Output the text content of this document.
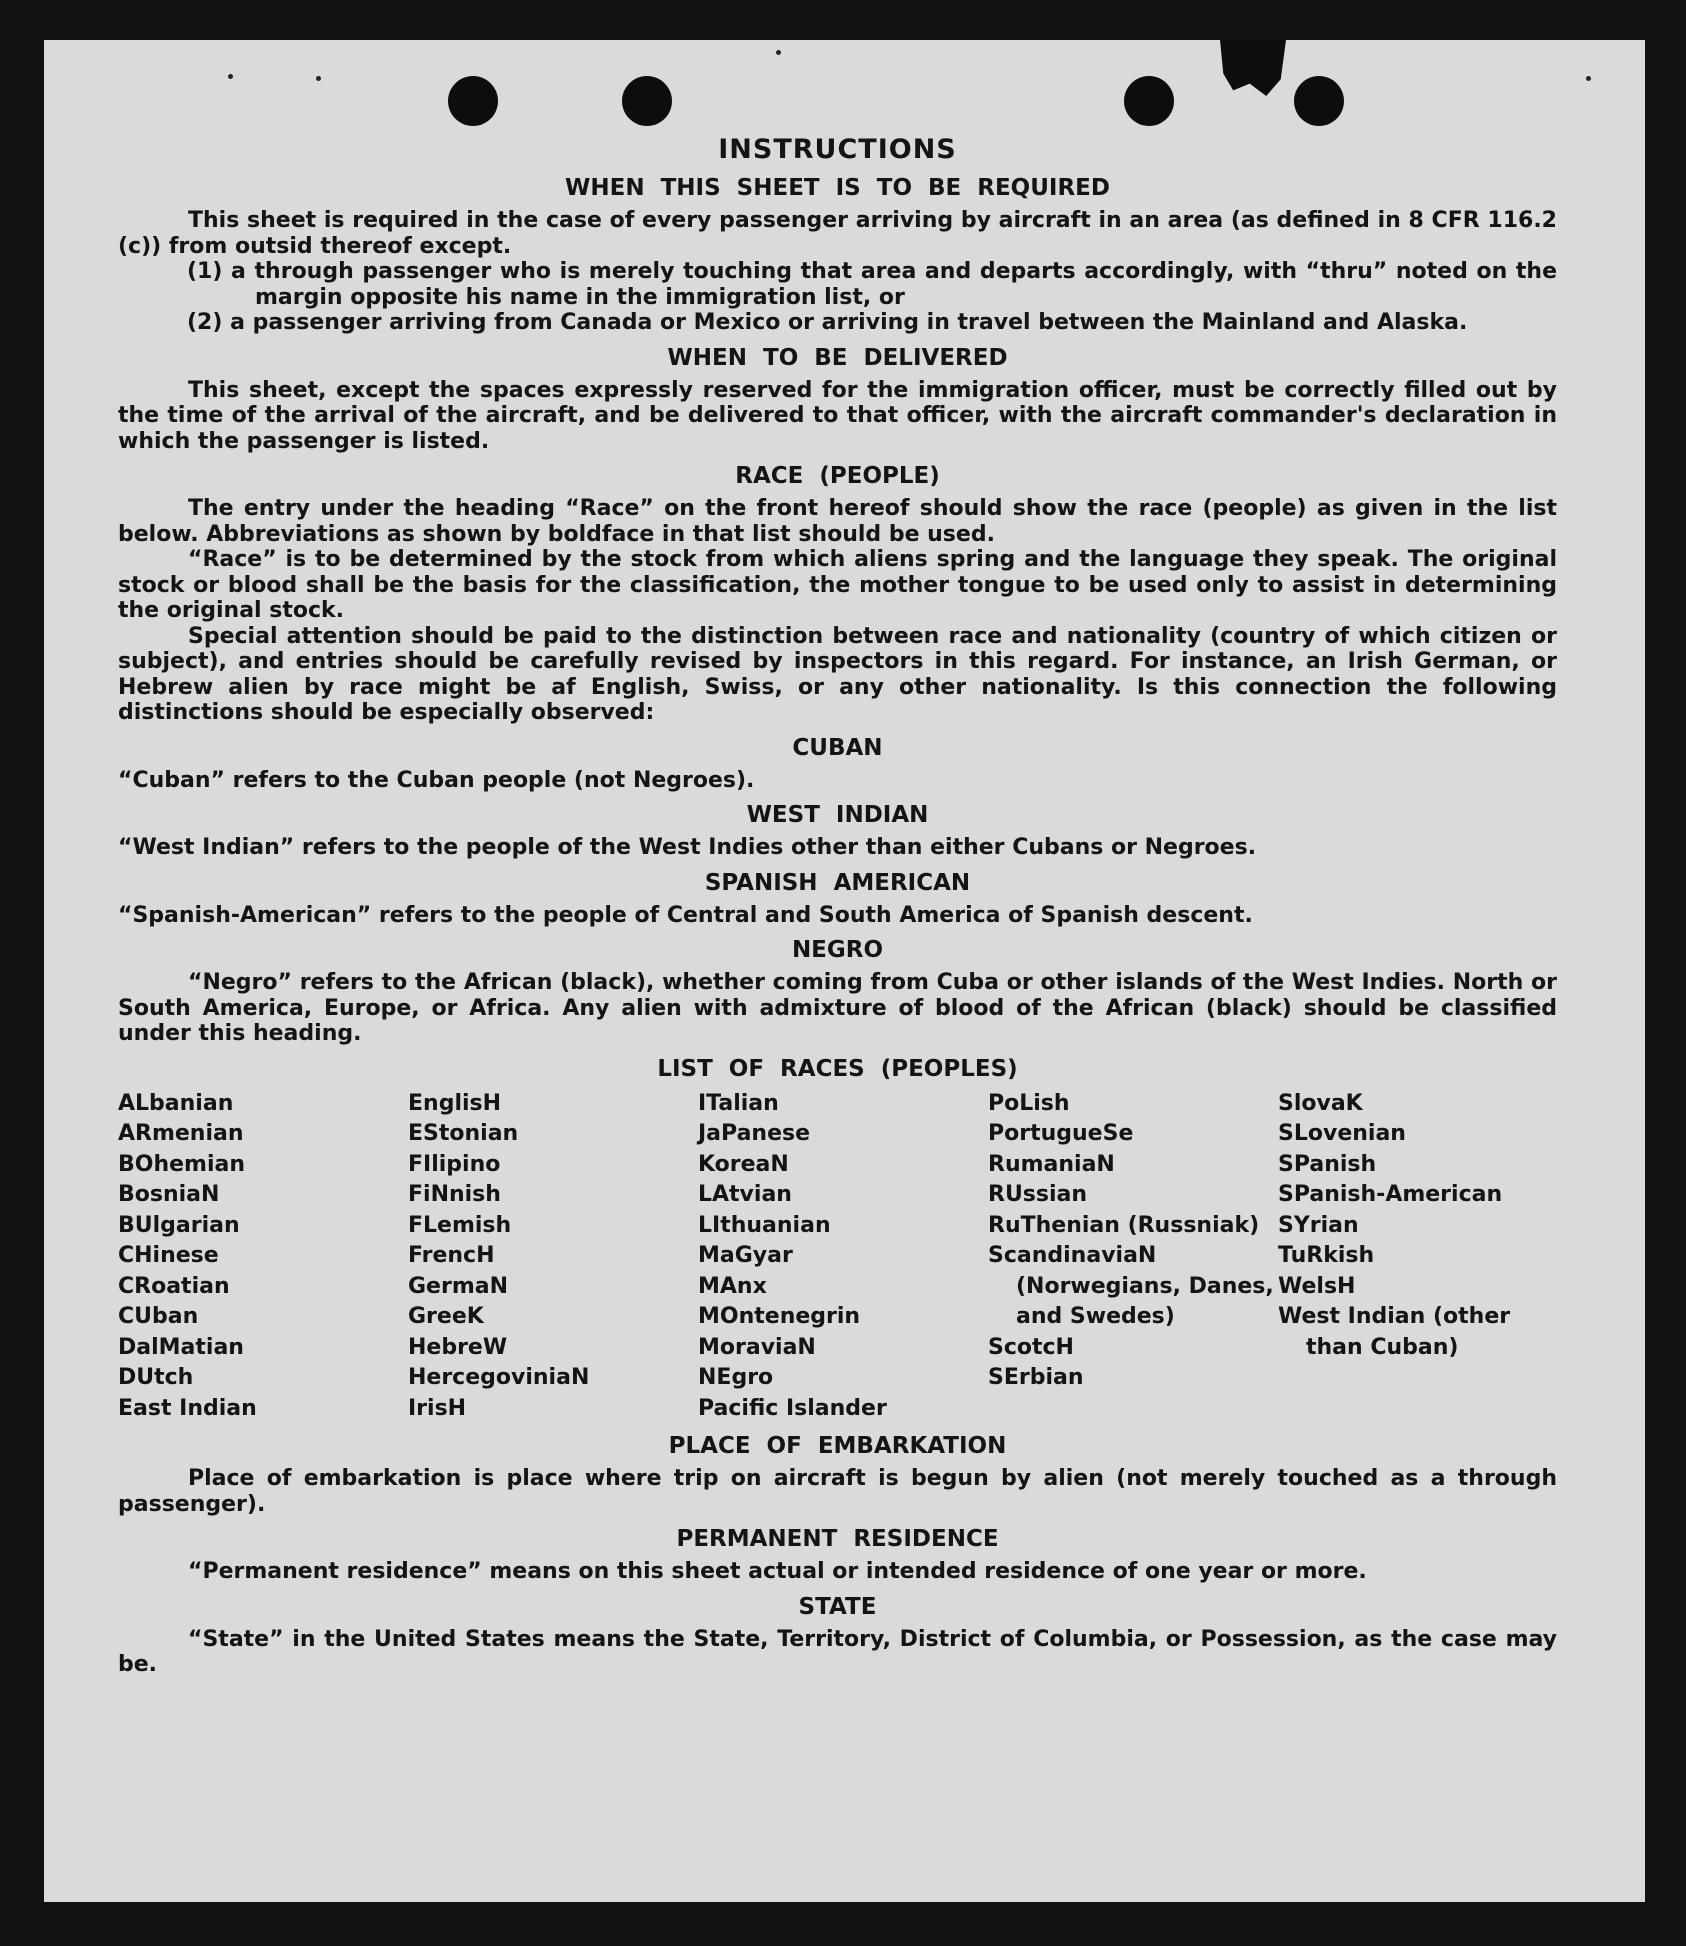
INSTRUCTIONS
WHEN THIS SHEET IS TO BE REQUIRED

This sheet is required in the case of every passenger arriving by aircraft in an area (as defined in 8 CFR 116.2 (c)) from outsid thereof except.

(1) a through passenger who is merely touching that area and departs accordingly, with “thru” noted on the margin opposite his name in the immigration list, or

(2) a passenger arriving from Canada or Mexico or arriving in travel between the Mainland and Alaska.

WHEN TO BE DELIVERED

This sheet, except the spaces expressly reserved for the immigration officer, must be correctly filled out by the time of the arrival of the aircraft, and be delivered to that officer, with the aircraft commander's declaration in which the passenger is listed.

RACE (PEOPLE)

The entry under the heading “Race” on the front hereof should show the race (people) as given in the list below. Abbreviations as shown by boldface in that list should be used.

“Race” is to be determined by the stock from which aliens spring and the language they speak. The original stock or blood shall be the basis for the classification, the mother tongue to be used only to assist in determining the original stock.

Special attention should be paid to the distinction between race and nationality (country of which citizen or subject), and entries should be carefully revised by inspectors in this regard. For instance, an Irish German, or Hebrew alien by race might be af English, Swiss, or any other nationality. Is this connection the following distinctions should be especially observed:

CUBAN

“Cuban” refers to the Cuban people (not Negroes).

WEST INDIAN

“West Indian” refers to the people of the West Indies other than either Cubans or Negroes.

SPANISH AMERICAN

“Spanish-American” refers to the people of Central and South America of Spanish descent.

NEGRO

“Negro” refers to the African (black), whether coming from Cuba or other islands of the West Indies. North or South America, Europe, or Africa. Any alien with admixture of blood of the African (black) should be classified under this heading.

LIST OF RACES (PEOPLES)
ALbanian
ARmenian
BOhemian
BosniaN
BUlgarian
CHinese
CRoatian
CUban
DalMatian
DUtch
East Indian
EnglisH
EStonian
FIlipino
FiNnish
FLemish
FrencH
GermaN
GreeK
HebreW
HercegoviniaN
IrisH
ITalian
JaPanese
KoreaN
LAtvian
LIthuanian
MaGyar
MAnx
MOntenegrin
MoraviaN
NEgro
Pacific Islander
PoLish
PortugueSe
RumaniaN
RUssian
RuThenian (Russniak)
ScandinaviaN (Norwegians, Danes, and Swedes)
ScotcH
SErbian
SlovaK
SLovenian
SPanish
SPanish-American
SYrian
TuRkish
WelsH
West Indian (other than Cuban)
PLACE OF EMBARKATION

Place of embarkation is place where trip on aircraft is begun by alien (not merely touched as a through passenger).

PERMANENT RESIDENCE

“Permanent residence” means on this sheet actual or intended residence of one year or more.

STATE

“State” in the United States means the State, Territory, District of Columbia, or Possession, as the case may be.
